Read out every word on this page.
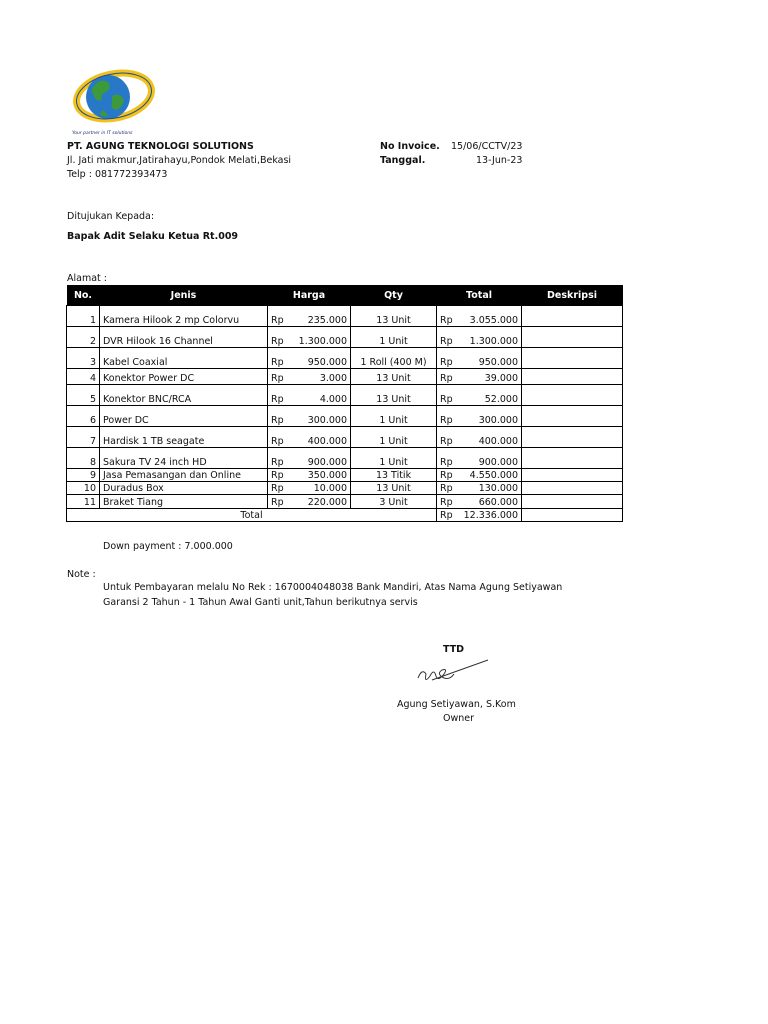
Your partner in IT solutions
PT. AGUNG TEKNOLOGI SOLUTIONS
Jl. Jati makmur,Jatirahayu,Pondok Melati,Bekasi
Telp : 081772393473
No Invoice. 15/06/CCTV/23
Tanggal.	13-Jun-23
Ditujukan Kepada:
Bapak Adit Selaku Ketua Rt.009
Alamat :
No.	Jenis	Harga		Qty	Total		Deskripsi
1	Kamera Hilook 2 mp Colorvu	Rp	235.000	13 Unit	Rp	3.055.000	
2	DVR Hilook 16 Channel	Rp	1.300.000	1 Unit	Rp	1.300.000	
3	Kabel Coaxial	Rp	950.000	1 Roll (400 M)	Rp	950.000	
4	Konektor Power DC	Rp	3.000	13 Unit	Rp	39.000	
5	Konektor BNC/RCA	Rp	4.000	13 Unit	Rp	52.000	
6	Power DC	Rp	300.000	1 Unit	Rp	300.000	
7	Hardisk 1 TB seagate	Rp	400.000	1 Unit	Rp	400.000	
8	Sakura TV 24 inch HD	Rp	900.000	1 Unit	Rp	900.000	
9	Jasa Pemasangan dan Online	Rp	350.000	13 Titik	Rp	4.550.000	
10	Duradus Box	Rp	10.000	13 Unit	Rp	130.000	
11	Braket Tiang	Rp	220.000	3 Unit	Rp	660.000	
Total					Rp	12.336.000	
Down payment : 7.000.000
Note :
Untuk Pembayaran melalu No Rek : 1670004048038 Bank Mandiri, Atas Nama Agung Setiyawan
Garansi 2 Tahun - 1 Tahun Awal Ganti unit,Tahun berikutnya servis
TTD
Agung Setiyawan, S.Kom
Owner
